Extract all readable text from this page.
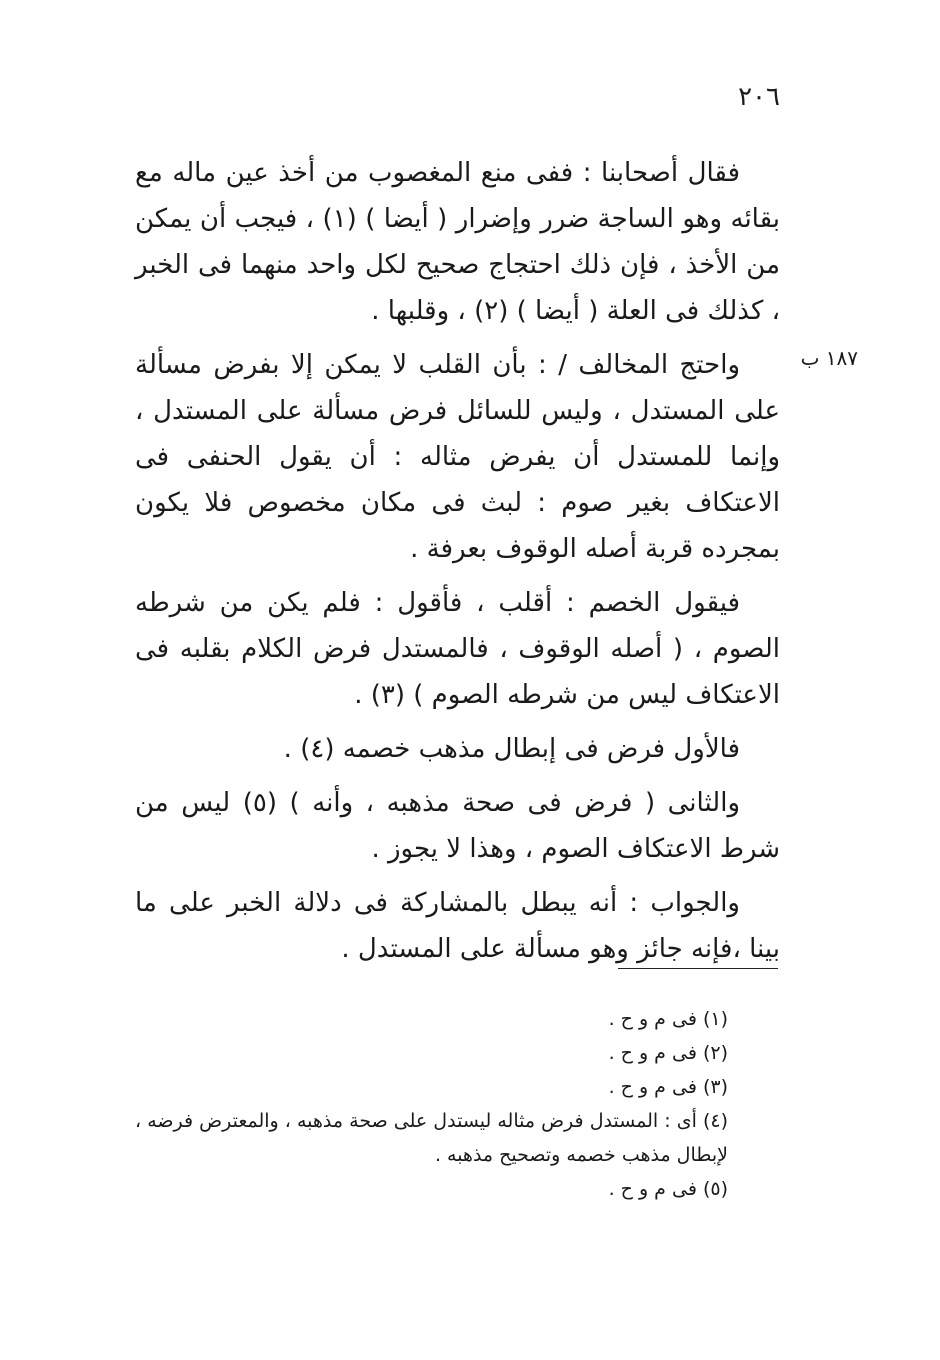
٢٠٦
١٨٧ ب

فقال أصحابنا : ففى منع المغصوب من أخذ عين ماله مع بقائه وهو الساجة ضرر وإضرار ( أيضا ) (١) ، فيجب أن يمكن من الأخذ ، فإن ذلك احتجاج صحيح لكل واحد منهما فى الخبر ، كذلك فى العلة ( أيضا ) (٢) ، وقلبها .

واحتج المخالف / : بأن القلب لا يمكن إلا بفرض مسألة على المستدل ، وليس للسائل فرض مسألة على المستدل ، وإنما للمستدل أن يفرض مثاله : أن يقول الحنفى فى الاعتكاف بغير صوم : لبث فى مكان مخصوص فلا يكون بمجرده قربة أصله الوقوف بعرفة .

فيقول الخصم : أقلب ، فأقول : فلم يكن من شرطه الصوم ، ( أصله الوقوف ، فالمستدل فرض الكلام بقلبه فى الاعتكاف ليس من شرطه الصوم ) (٣) .

فالأول فرض فى إبطال مذهب خصمه (٤) .

والثانى ( فرض فى صحة مذهبه ، وأنه ) (٥) ليس من شرط الاعتكاف الصوم ، وهذا لا يجوز .

والجواب : أنه يبطل بالمشاركة فى دلالة الخبر على ما بينا ،فإنه جائز وهو مسألة على المستدل .

(١) فى م و ح .

(٢) فى م و ح .

(٣) فى م و ح .

(٤) أى : المستدل فرض مثاله ليستدل على صحة مذهبه ، والمعترض فرضه ، لإبطال مذهب خصمه وتصحيح مذهبه .

(٥) فى م و ح .
